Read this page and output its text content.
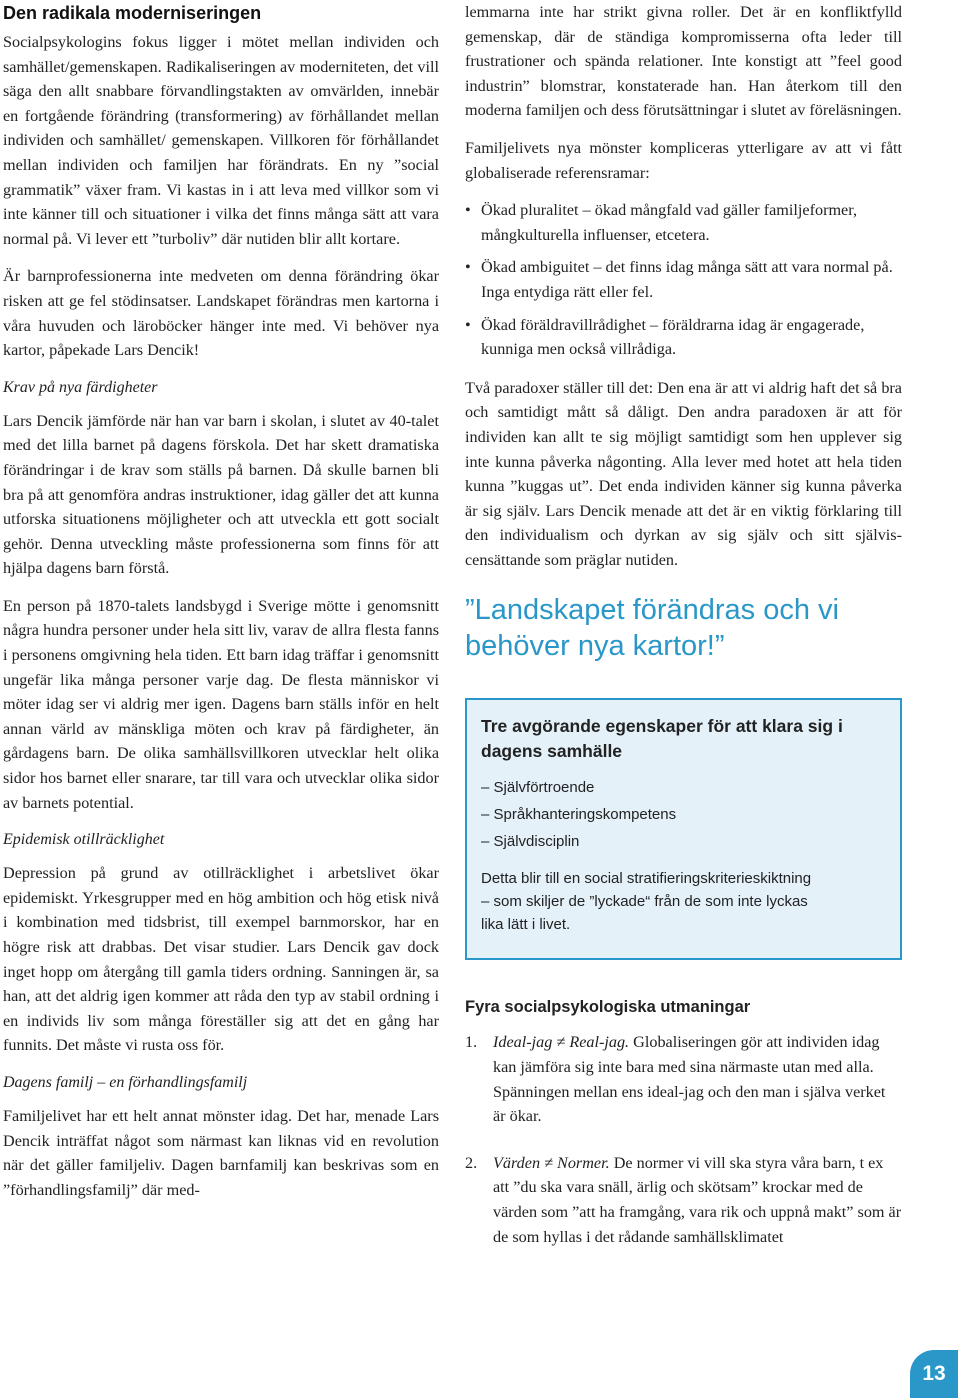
Den radikala moderniseringen

Socialpsykologins fokus ligger i mötet mellan individen och samhället/gemenskapen. Radikaliseringen av moderniteten, det vill säga den allt snabbare förvandlingstakten av omvärlden, innebär en fortgående förändring (transformering) av förhållandet mellan individen och samhället/ gemenskapen. Villkoren för förhållandet mellan individen och familjen har förändrats. En ny ”social grammatik” växer fram. Vi kastas in i att leva med villkor som vi inte känner till och situationer i vilka det finns många sätt att vara normal på. Vi lever ett ”turboliv” där nutiden blir allt kortare.

Är barnprofessionerna inte medveten om denna förändring ökar risken att ge fel stödinsatser. Landskapet förändras men kartorna i våra huvuden och läroböcker hänger inte med. Vi behöver nya kartor, påpekade Lars Dencik!

Krav på nya färdigheter

Lars Dencik jämförde när han var barn i skolan, i slutet av 40-talet med det lilla barnet på dagens förskola. Det har skett dramatiska förändringar i de krav som ställs på barnen. Då skulle barnen bli bra på att genomföra andras instruktioner, idag gäller det att kunna utforska situationens möjligheter och att utveckla ett gott socialt gehör. Denna utveckling måste professionerna som finns för att hjälpa dagens barn förstå.

En person på 1870-talets landsbygd i Sverige mötte i genomsnitt några hundra personer under hela sitt liv, varav de allra flesta fanns i personens omgivning hela tiden. Ett barn idag träffar i genomsnitt ungefär lika många personer varje dag. De flesta människor vi möter idag ser vi aldrig mer igen. Dagens barn ställs inför en helt annan värld av mänskliga möten och krav på färdigheter, än gårdagens barn. De olika samhällsvillkoren utvecklar helt olika sidor hos barnet eller snarare, tar till vara och utvecklar olika sidor av barnets potential.

Epidemisk otillräcklighet

Depression på grund av otillräcklighet i arbetslivet ökar epidemiskt. Yrkesgrupper med en hög ambition och hög etisk nivå i kombination med tidsbrist, till exempel barnmorskor, har en högre risk att drabbas. Det visar studier. Lars Dencik gav dock inget hopp om återgång till gamla tiders ordning. Sanningen är, sa han, att det aldrig igen kommer att råda den typ av stabil ordning i en individs liv som många föreställer sig att det en gång har funnits. Det måste vi rusta oss för.

Dagens familj – en förhandlingsfamilj

Familjelivet har ett helt annat mönster idag. Det har, menade Lars Dencik inträffat något som närmast kan liknas vid en revolution när det gäller familjeliv. Dagen barnfamilj kan beskrivas som en ”förhandlingsfamilj” där med-

lemmarna inte har strikt givna roller. Det är en konfliktfylld gemenskap, där de ständiga kompromisserna ofta leder till frustrationer och spända relationer. Inte konstigt att ”feel good industrin” blomstrar, konstaterade han. Han återkom till den moderna familjen och dess förutsättningar i slutet av föreläsningen.

Familjelivets nya mönster kompliceras ytterligare av att vi fått globaliserade referensramar:

• Ökad pluralitet – ökad mångfald vad gäller familjeformer, mångkulturella influenser, etcetera.
• Ökad ambiguitet – det finns idag många sätt att vara normal på. Inga entydiga rätt eller fel.
• Ökad föräldravillrådighet – föräldrarna idag är engagerade, kunniga men också villrådiga.

Två paradoxer ställer till det: Den ena är att vi aldrig haft det så bra och samtidigt mått så dåligt. Den andra paradoxen är att för individen kan allt te sig möjligt samtidigt som hen upplever sig inte kunna påverka någonting. Alla lever med hotet att hela tiden kunna ”kuggas ut”. Det enda individen känner sig kunna påverka är sig själv. Lars Dencik menade att det är en viktig förklaring till den individualism och dyrkan av sig själv och sitt själviscensättande som präglar nutiden.

”Landskapet förändras och vi behöver nya kartor!”
Tre avgörande egenskaper för att klara sig i dagens samhälle
– Självförtroende
– Språkhanteringskompetens
– Självdisciplin
Detta blir till en social stratifieringskriterieskiktning
– som skiljer de ”lyckade“ från de som inte lyckas
lika lätt i livet.
Fyra socialpsykologiska utmaningar
1. Ideal-jag ≠ Real-jag. Globaliseringen gör att individen idag kan jämföra sig inte bara med sina närmaste utan med alla. Spänningen mellan ens ideal-jag och den man i själva verket är ökar.
2. Värden ≠ Normer. De normer vi vill ska styra våra barn, t ex att ”du ska vara snäll, ärlig och skötsam” krockar med de värden som ”att ha framgång, vara rik och uppnå makt” som är de som hyllas i det rådande samhällsklimatet
13
